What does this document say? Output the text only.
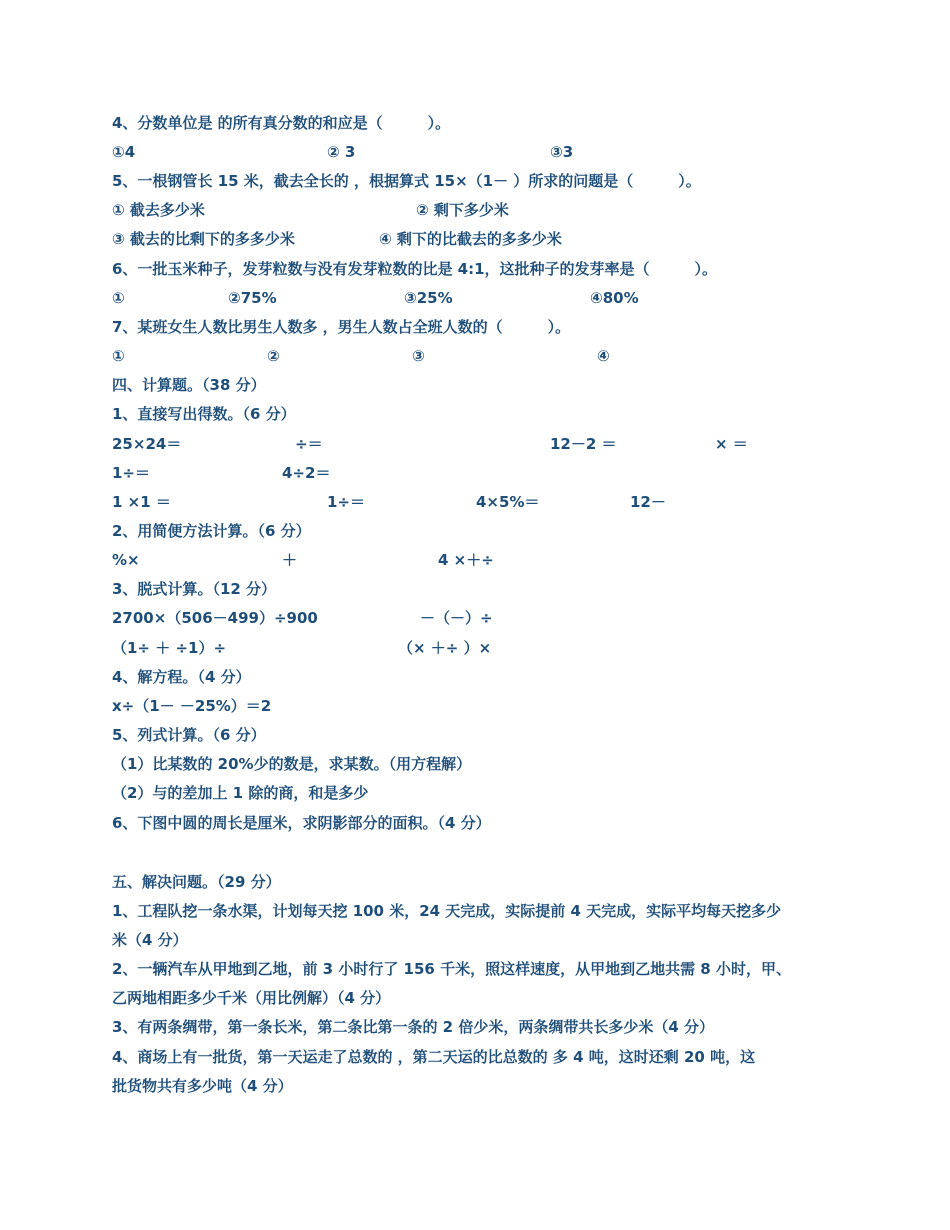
4、分数单位是 的所有真分数的和应是（　　　）。
①4	② 3	③3
5、一根钢管长 15 米，截去全长的 ，根据算式 15×（1－ ）所求的问题是（　　　）。
① 截去多少米	② 剩下多少米
③ 截去的比剩下的多多少米	④ 剩下的比截去的多多少米
6、一批玉米种子，发芽粒数与没有发芽粒数的比是 4:1，这批种子的发芽率是（　　　）。
①	②75%	③25%	④80%
7、某班女生人数比男生人数多 ，男生人数占全班人数的（　　　）。
①	②	③	④
四、计算题。（38 分）
1、直接写出得数。（6 分）
25×24＝	÷＝	12－2 ＝	× ＝
1÷＝	4÷2＝
1 ×1 ＝	1÷＝	4×5%＝	12－
2、用简便方法计算。（6 分）
%×	＋	4 ×＋÷
3、脱式计算。（12 分）
2700×（506－499）÷900	－（－）÷
（1÷ ＋ ÷1）÷	（× ＋÷ ）×
4、解方程。（4 分）
x÷（1－ －25%）＝2
5、列式计算。（6 分）
（1）比某数的 20%少的数是，求某数。（用方程解）
（2）与的差加上 1 除的商，和是多少
6、下图中圆的周长是厘米，求阴影部分的面积。（4 分）
五、解决问题。（29 分）
1、工程队挖一条水渠，计划每天挖 100 米，24 天完成，实际提前 4 天完成，实际平均每天挖多少
米（4 分）
2、一辆汽车从甲地到乙地，前 3 小时行了 156 千米，照这样速度，从甲地到乙地共需 8 小时，甲、
乙两地相距多少千米（用比例解）（4 分）
3、有两条绸带，第一条长米，第二条比第一条的 2 倍少米，两条绸带共长多少米（4 分）
4、商场上有一批货，第一天运走了总数的 ，第二天运的比总数的 多 4 吨，这时还剩 20 吨，这
批货物共有多少吨（4 分）
